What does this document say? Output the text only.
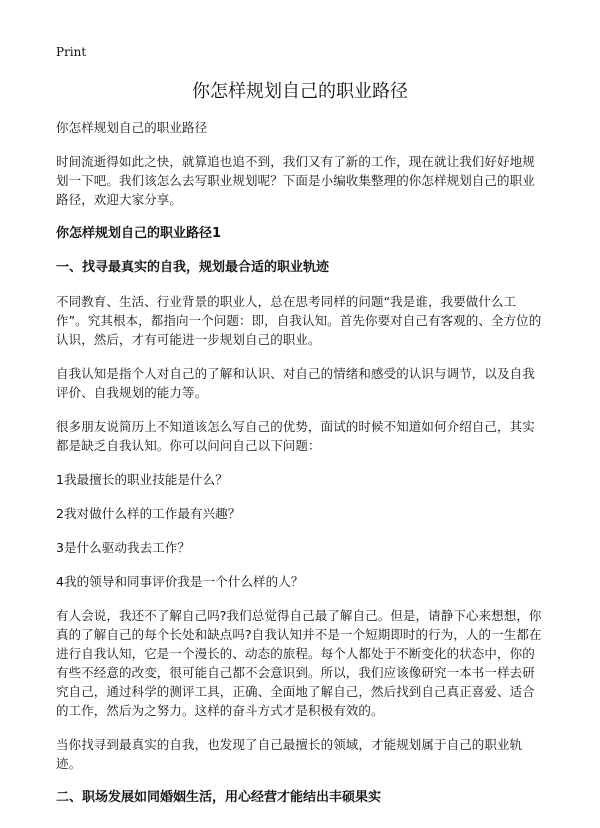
Print
你怎样规划自己的职业路径

你怎样规划自己的职业路径

时间流逝得如此之快，就算追也追不到，我们又有了新的工作，现在就让我们好好地规划一下吧。我们该怎么去写职业规划呢？下面是小编收集整理的你怎样规划自己的职业路径，欢迎大家分享。

你怎样规划自己的职业路径1

一、找寻最真实的自我，规划最合适的职业轨迹

不同教育、生活、行业背景的职业人，总在思考同样的问题“我是谁，我要做什么工作”。究其根本，都指向一个问题：即，自我认知。首先你要对自己有客观的、全方位的认识，然后，才有可能进一步规划自己的职业。

自我认知是指个人对自己的了解和认识、对自己的情绪和感受的认识与调节，以及自我评价、自我规划的能力等。

很多朋友说简历上不知道该怎么写自己的优势，面试的时候不知道如何介绍自己，其实都是缺乏自我认知。你可以问问自己以下问题：

1我最擅长的职业技能是什么？

2我对做什么样的工作最有兴趣？

3是什么驱动我去工作？

4我的领导和同事评价我是一个什么样的人？

有人会说，我还不了解自己吗?我们总觉得自己最了解自己。但是，请静下心来想想，你真的了解自己的每个长处和缺点吗?自我认知并不是一个短期即时的行为，人的一生都在进行自我认知，它是一个漫长的、动态的旅程。每个人都处于不断变化的状态中，你的有些不经意的改变，很可能自己都不会意识到。所以，我们应该像研究一本书一样去研究自己，通过科学的测评工具，正确、全面地了解自己，然后找到自己真正喜爱、适合的工作，然后为之努力。这样的奋斗方式才是积极有效的。

当你找寻到最真实的自我，也发现了自己最擅长的领域，才能规划属于自己的职业轨迹。

二、职场发展如同婚姻生活，用心经营才能结出丰硕果实
